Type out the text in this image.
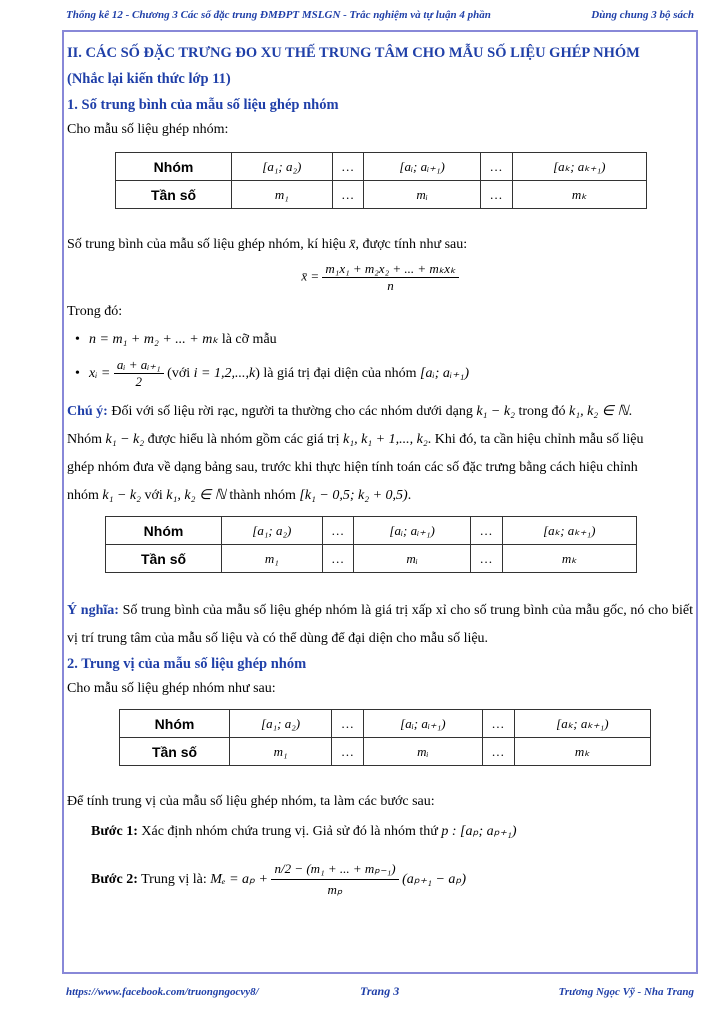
Thống kê 12 - Chương 3 Các số đặc trung ĐMĐPT MSLGN - Trắc nghiệm và tự luận 4 phần	Dùng chung 3 bộ sách
II. CÁC SỐ ĐẶC TRƯNG ĐO XU THẾ TRUNG TÂM CHO MẪU SỐ LIỆU GHÉP NHÓM
(Nhắc lại kiến thức lớp 11)
1. Số trung bình của mẫu số liệu ghép nhóm
Cho mẫu số liệu ghép nhóm:
Nhóm	[a₁; a₂)	…	[aᵢ; aᵢ₊₁)	…	[aₖ; aₖ₊₁)
Tần số	m₁	…	mᵢ	…	mₖ
Số trung bình của mẫu số liệu ghép nhóm, kí hiệu x̄, được tính như sau:
x̄ = $\frac{\text{m₁x₁ + m₂x₂ + ... + mₖxₖ}}{n}$
Trong đó:
• n = m₁ + m₂ + ... + mₖ là cỡ mẫu
• xᵢ = $\frac{\text{aᵢ + aᵢ₊₁}}{2}$ (với i = 1,2,...,k) là giá trị đại diện của nhóm [aᵢ; aᵢ₊₁)
Chú ý: Đối với số liệu rời rạc, người ta thường cho các nhóm dưới dạng k₁ − k₂ trong đó k₁, k₂ ∈ ℕ.
Nhóm k₁ − k₂ được hiểu là nhóm gồm các giá trị k₁, k₁ + 1,..., k₂. Khi đó, ta cần hiệu chỉnh mẫu số liệu
ghép nhóm đưa về dạng bảng sau, trước khi thực hiện tính toán các số đặc trưng bằng cách hiệu chỉnh
nhóm k₁ − k₂ với k₁, k₂ ∈ ℕ thành nhóm [k₁ − 0,5; k₂ + 0,5).
Nhóm	[a₁; a₂)	…	[aᵢ; aᵢ₊₁)	…	[aₖ; aₖ₊₁)
Tần số	m₁	…	mᵢ	…	mₖ
Ý nghĩa: Số trung bình của mẫu số liệu ghép nhóm là giá trị xấp xỉ cho số trung bình của mẫu gốc, nó cho biết vị trí trung tâm của mẫu số liệu và có thể dùng để đại diện cho mẫu số liệu.
2. Trung vị của mẫu số liệu ghép nhóm
Cho mẫu số liệu ghép nhóm như sau:
Nhóm	[a₁; a₂)	…	[aᵢ; aᵢ₊₁)	…	[aₖ; aₖ₊₁)
Tần số	m₁	…	mᵢ	…	mₖ
Để tính trung vị của mẫu số liệu ghép nhóm, ta làm các bước sau:
Bước 1: Xác định nhóm chứa trung vị. Giả sử đó là nhóm thứ p : [aₚ; aₚ₊₁)
Bước 2: Trung vị là: $M_e = a_p + \frac{\text{n/2 − (m₁ + ... + mₚ₋₁)}}{\text{mₚ}} (a_{p+1} - a_p)$
https://www.facebook.com/truongngocvy8/	Trang 3	Trương Ngọc Vỹ - Nha Trang
